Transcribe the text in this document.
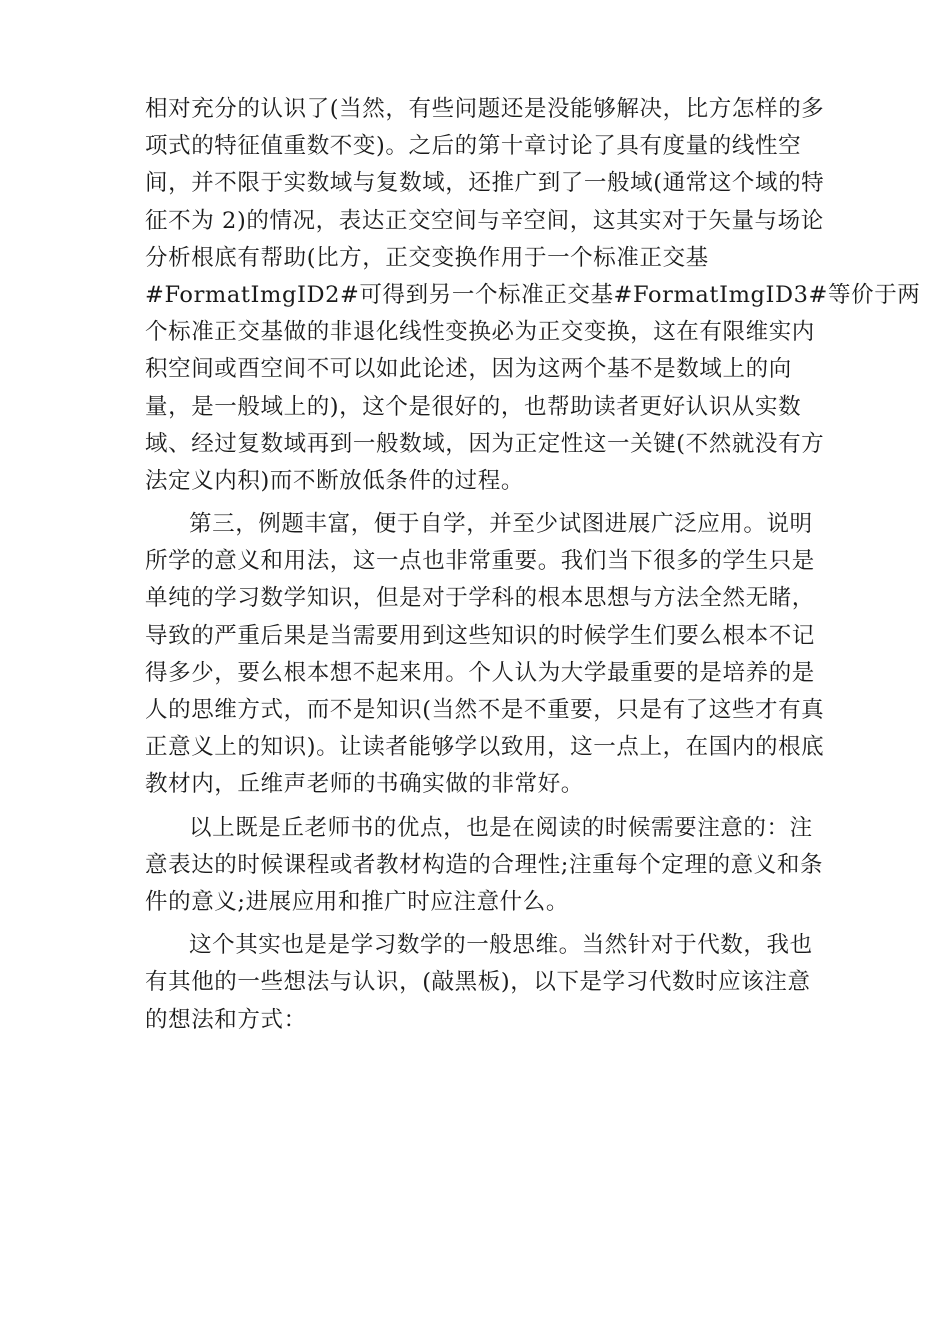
相对充分的认识了(当然，有些问题还是没能够解决，比方怎样的多
项式的特征值重数不变)。之后的第十章讨论了具有度量的线性空
间，并不限于实数域与复数域，还推广到了一般域(通常这个域的特
征不为 2)的情况，表达正交空间与辛空间，这其实对于矢量与场论
分析根底有帮助(比方，正交变换作用于一个标准正交基
#FormatImgID2#可得到另一个标准正交基#FormatImgID3#等价于两
个标准正交基做的非退化线性变换必为正交变换，这在有限维实内
积空间或酉空间不可以如此论述，因为这两个基不是数域上的向
量，是一般域上的)，这个是很好的，也帮助读者更好认识从实数
域、经过复数域再到一般数域，因为正定性这一关键(不然就没有方
法定义内积)而不断放低条件的过程。
第三，例题丰富，便于自学，并至少试图进展广泛应用。说明
所学的意义和用法，这一点也非常重要。我们当下很多的学生只是
单纯的学习数学知识，但是对于学科的根本思想与方法全然无睹，
导致的严重后果是当需要用到这些知识的时候学生们要么根本不记
得多少，要么根本想不起来用。个人认为大学最重要的是培养的是
人的思维方式，而不是知识(当然不是不重要，只是有了这些才有真
正意义上的知识)。让读者能够学以致用，这一点上，在国内的根底
教材内，丘维声老师的书确实做的非常好。
以上既是丘老师书的优点，也是在阅读的时候需要注意的：注
意表达的时候课程或者教材构造的合理性;注重每个定理的意义和条
件的意义;进展应用和推广时应注意什么。
这个其实也是是学习数学的一般思维。当然针对于代数，我也
有其他的一些想法与认识，(敲黑板)，以下是学习代数时应该注意
的想法和方式：
